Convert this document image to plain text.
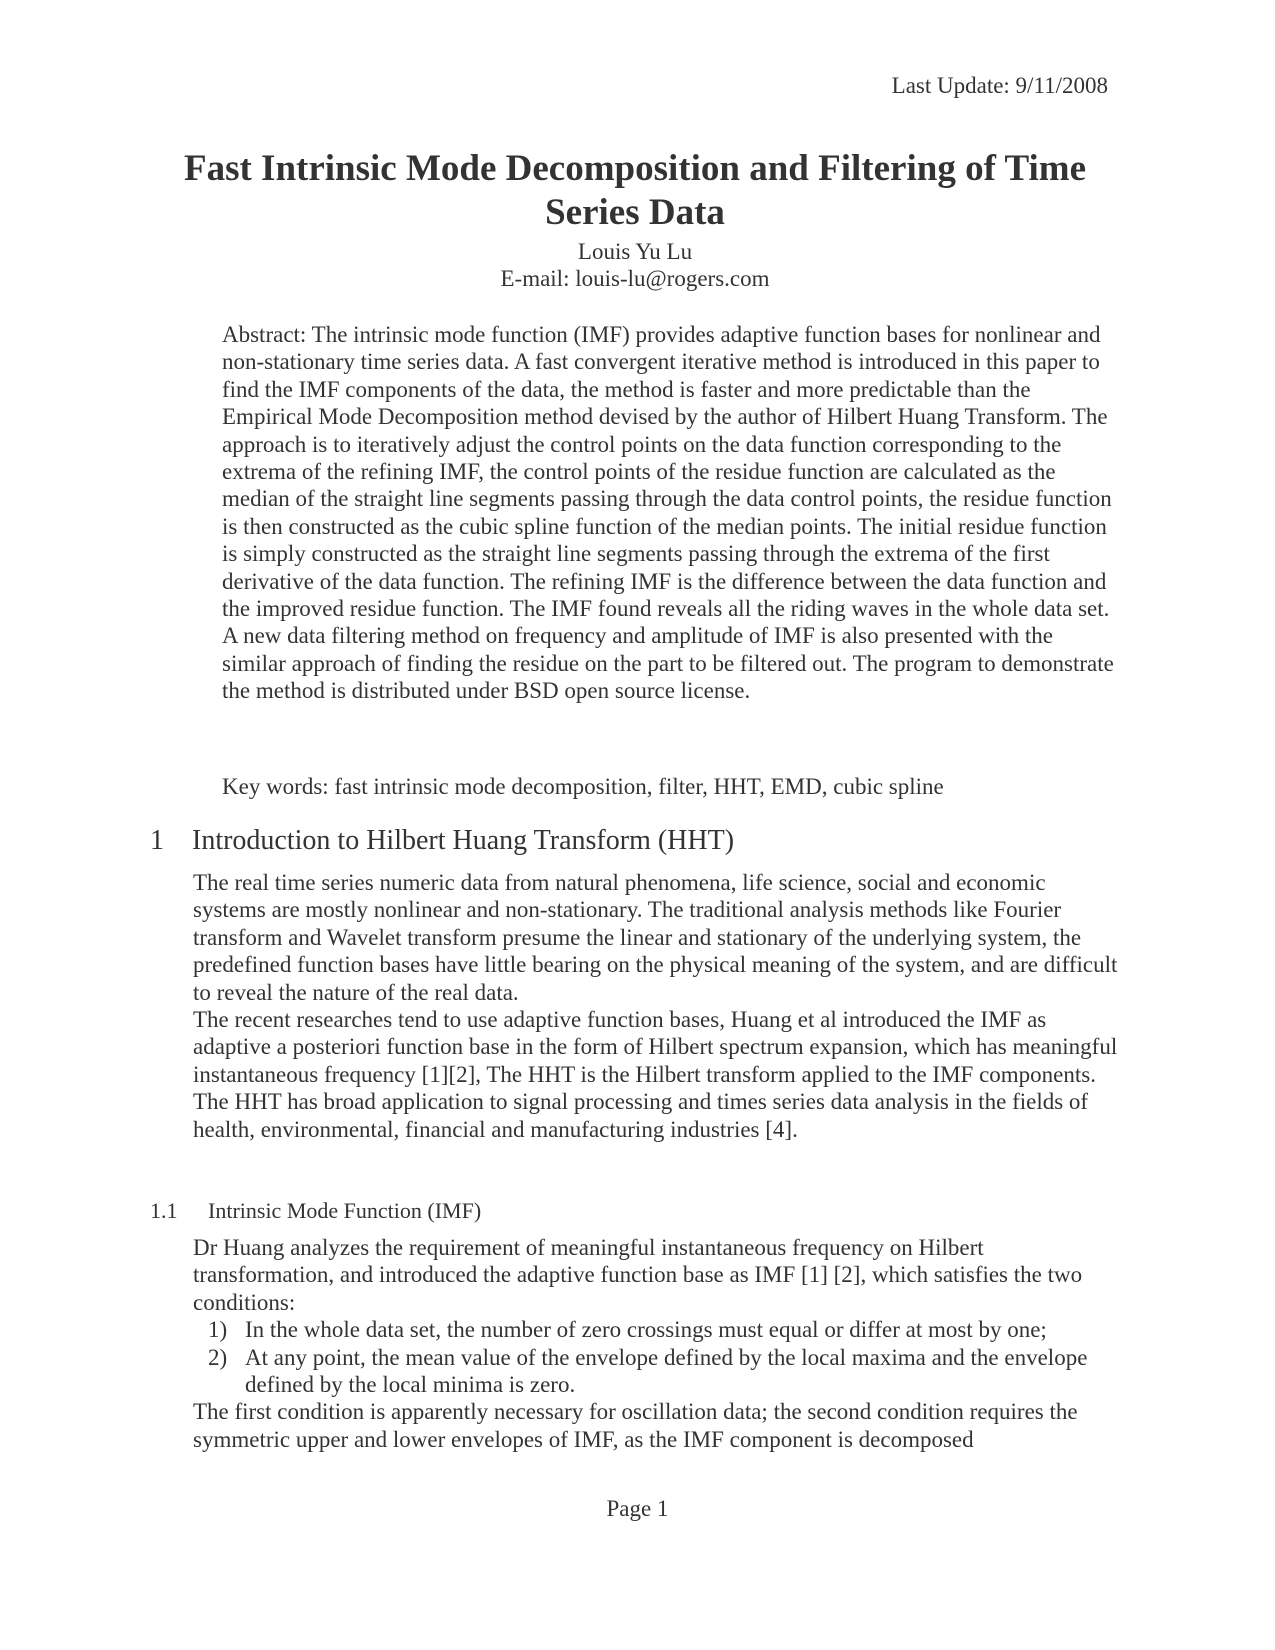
Last Update: 9/11/2008
Fast Intrinsic Mode Decomposition and Filtering of Time Series Data
Louis Yu Lu
E-mail: louis-lu@rogers.com

Abstract: The intrinsic mode function (IMF) provides adaptive function bases for nonlinear and non-stationary time series data. A fast convergent iterative method is introduced in this paper to find the IMF components of the data, the method is faster and more predictable than the Empirical Mode Decomposition method devised by the author of Hilbert Huang Transform. The approach is to iteratively adjust the control points on the data function corresponding to the extrema of the refining IMF, the control points of the residue function are calculated as the median of the straight line segments passing through the data control points, the residue function is then constructed as the cubic spline function of the median points. The initial residue function is simply constructed as the straight line segments passing through the extrema of the first derivative of the data function. The refining IMF is the difference between the data function and the improved residue function. The IMF found reveals all the riding waves in the whole data set. A new data filtering method on frequency and amplitude of IMF is also presented with the similar approach of finding the residue on the part to be filtered out. The program to demonstrate the method is distributed under BSD open source license.

Key words: fast intrinsic mode decomposition, filter, HHT, EMD, cubic spline

1 Introduction to Hilbert Huang Transform (HHT)

The real time series numeric data from natural phenomena, life science, social and economic systems are mostly nonlinear and non-stationary. The traditional analysis methods like Fourier transform and Wavelet transform presume the linear and stationary of the underlying system, the predefined function bases have little bearing on the physical meaning of the system, and are difficult to reveal the nature of the real data.

The recent researches tend to use adaptive function bases, Huang et al introduced the IMF as adaptive a posteriori function base in the form of Hilbert spectrum expansion, which has meaningful instantaneous frequency [1][2], The HHT is the Hilbert transform applied to the IMF components.

The HHT has broad application to signal processing and times series data analysis in the fields of health, environmental, financial and manufacturing industries [4].

1.1 Intrinsic Mode Function (IMF)

Dr Huang analyzes the requirement of meaningful instantaneous frequency on Hilbert transformation, and introduced the adaptive function base as IMF [1] [2], which satisfies the two conditions:

1) In the whole data set, the number of zero crossings must equal or differ at most by one;
2) At any point, the mean value of the envelope defined by the local maxima and the envelope defined by the local minima is zero.

The first condition is apparently necessary for oscillation data; the second condition requires the symmetric upper and lower envelopes of IMF, as the IMF component is decomposed

Page 1
